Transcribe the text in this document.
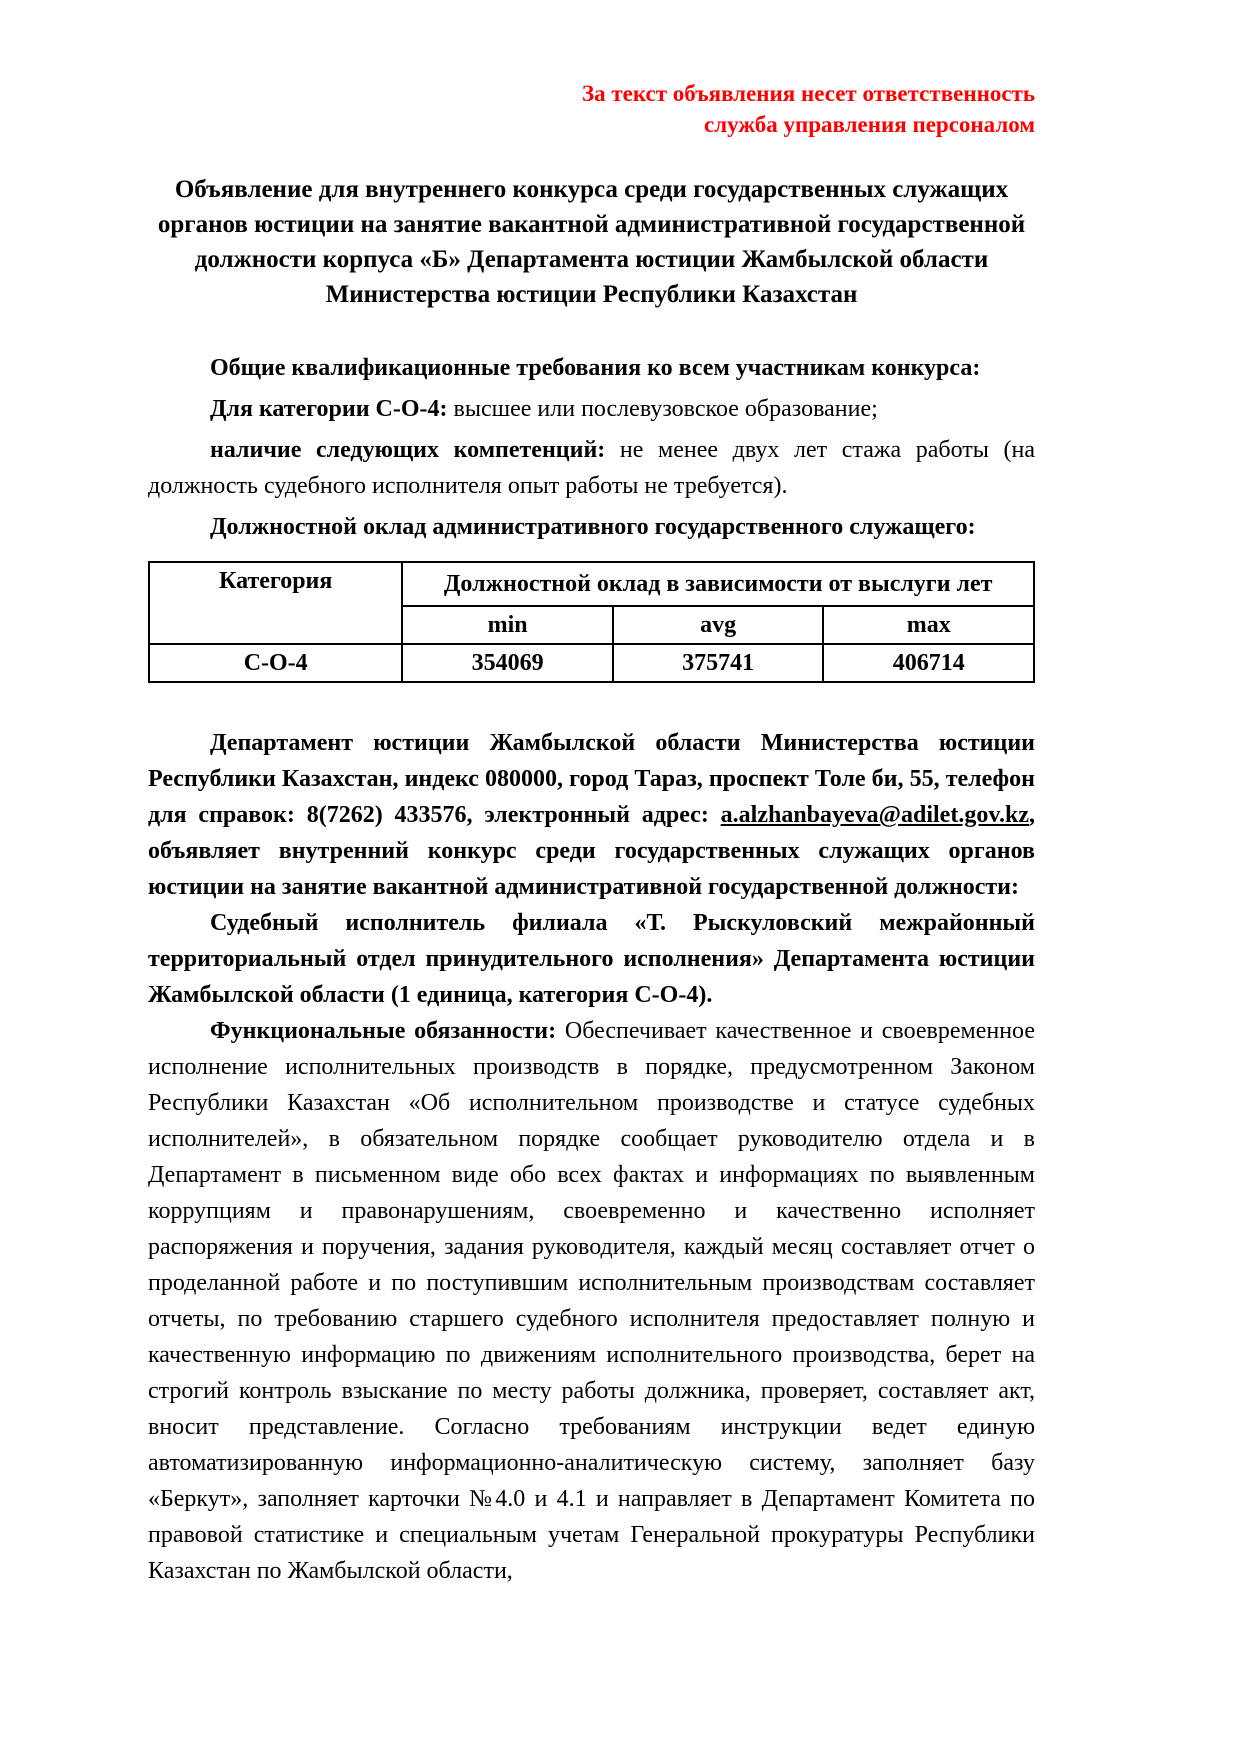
За текст объявления несет ответственность
служба управления персоналом
Объявление для внутреннего конкурса среди государственных служащих органов юстиции на занятие вакантной административной государственной должности корпуса «Б» Департамента юстиции Жамбылской области Министерства юстиции Республики Казахстан

Общие квалификационные требования ко всем участникам конкурса:

Для категории С-О-4: высшее или послевузовское образование;

наличие следующих компетенций: не менее двух лет стажа работы (на должность судебного исполнителя опыт работы не требуется).

Должностной оклад административного государственного служащего:

Категория	Должностной оклад в зависимости от выслуги лет		
	min	avg	max
С-О-4	354069	375741	406714

Департамент юстиции Жамбылской области Министерства юстиции Республики Казахстан, индекс 080000, город Тараз, проспект Толе би, 55, телефон для справок: 8(7262) 433576, электронный адрес: a.alzhanbayeva@adilet.gov.kz, объявляет внутренний конкурс среди государственных служащих органов юстиции на занятие вакантной административной государственной должности:

Судебный исполнитель филиала «Т. Рыскуловский межрайонный территориальный отдел принудительного исполнения» Департамента юстиции Жамбылской области (1 единица, категория С-О-4).

Функциональные обязанности: Обеспечивает качественное и своевременное исполнение исполнительных производств в порядке, предусмотренном Законом Республики Казахстан «Об исполнительном производстве и статусе судебных исполнителей», в обязательном порядке сообщает руководителю отдела и в Департамент в письменном виде обо всех фактах и информациях по выявленным коррупциям и правонарушениям, своевременно и качественно исполняет распоряжения и поручения, задания руководителя, каждый месяц составляет отчет о проделанной работе и по поступившим исполнительным производствам составляет отчеты, по требованию старшего судебного исполнителя предоставляет полную и качественную информацию по движениям исполнительного производства, берет на строгий контроль взыскание по месту работы должника, проверяет, составляет акт, вносит представление. Согласно требованиям инструкции ведет единую автоматизированную информационно-аналитическую систему, заполняет базу «Беркут», заполняет карточки №4.0 и 4.1 и направляет в Департамент Комитета по правовой статистике и специальным учетам Генеральной прокуратуры Республики Казахстан по Жамбылской области,
